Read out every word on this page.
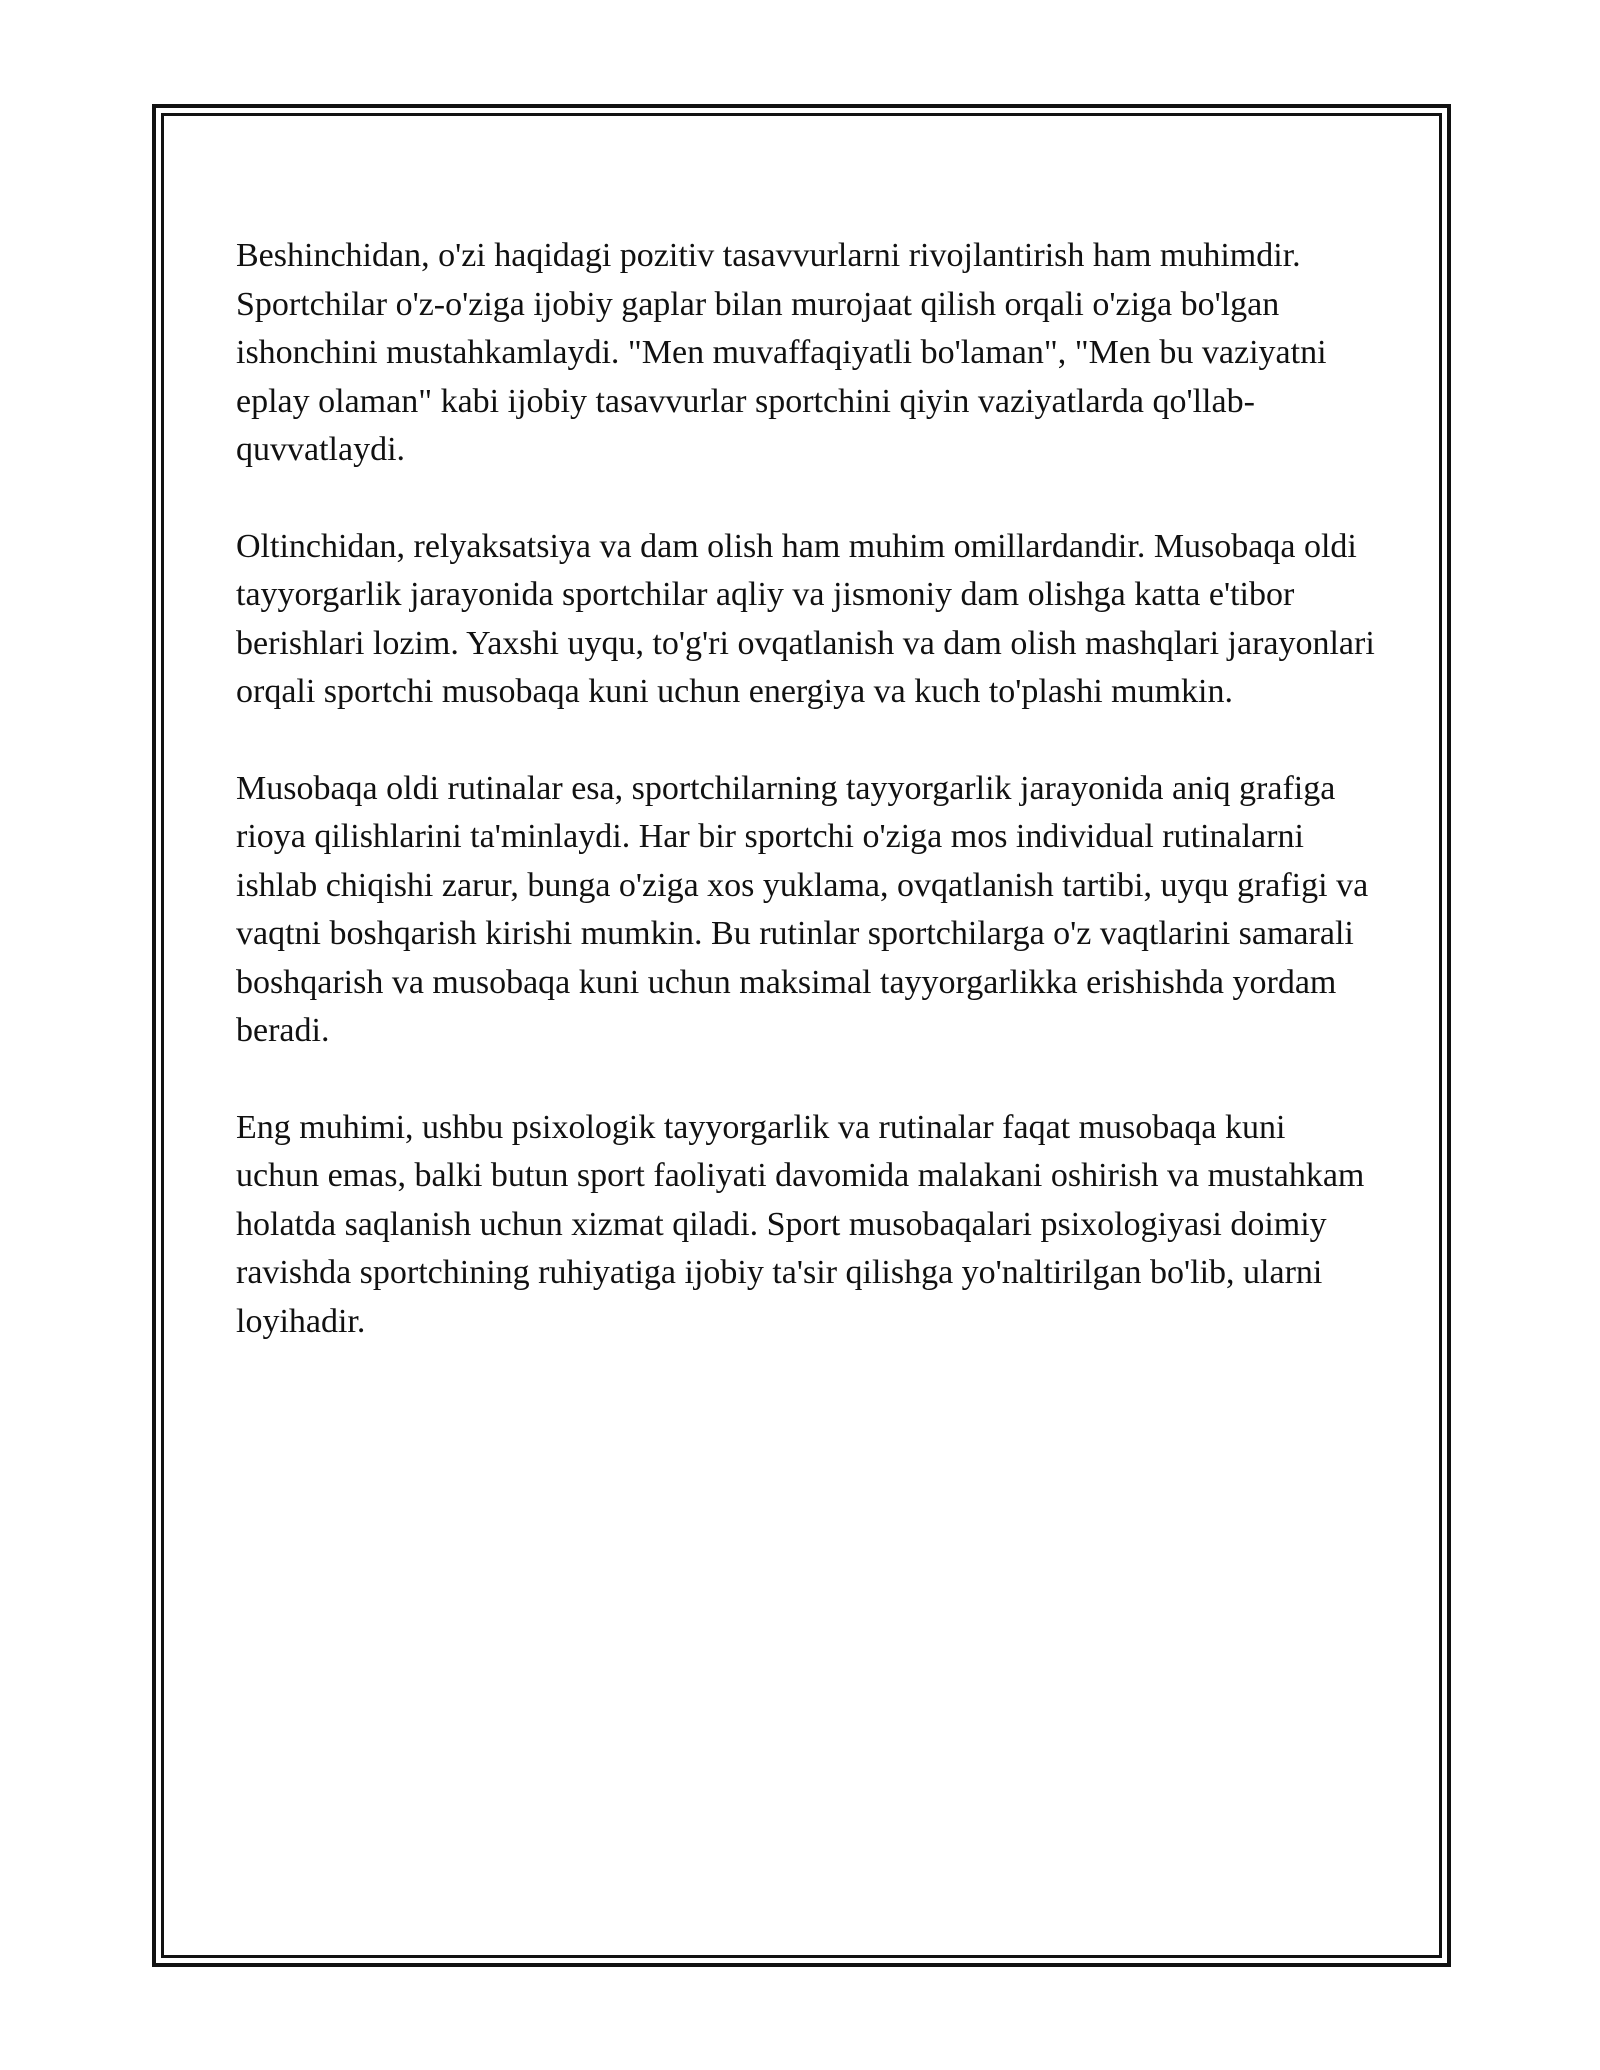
Beshinchidan, o'zi haqidagi pozitiv tasavvurlarni rivojlantirish ham muhimdir. Sportchilar o'z-o'ziga ijobiy gaplar bilan murojaat qilish orqali o'ziga bo'lgan ishonchini mustahkamlaydi. "Men muvaffaqiyatli bo'laman", "Men bu vaziyatni eplay olaman" kabi ijobiy tasavvurlar sportchini qiyin vaziyatlarda qo'llab-quvvatlaydi.

Oltinchidan, relyaksatsiya va dam olish ham muhim omillardandir. Musobaqa oldi tayyorgarlik jarayonida sportchilar aqliy va jismoniy dam olishga katta e'tibor berishlari lozim. Yaxshi uyqu, to'g'ri ovqatlanish va dam olish mashqlari jarayonlari orqali sportchi musobaqa kuni uchun energiya va kuch to'plashi mumkin.

Musobaqa oldi rutinalar esa, sportchilarning tayyorgarlik jarayonida aniq grafiga rioya qilishlarini ta'minlaydi. Har bir sportchi o'ziga mos individual rutinalarni ishlab chiqishi zarur, bunga o'ziga xos yuklama, ovqatlanish tartibi, uyqu grafigi va vaqtni boshqarish kirishi mumkin. Bu rutinlar sportchilarga o'z vaqtlarini samarali boshqarish va musobaqa kuni uchun maksimal tayyorgarlikka erishishda yordam beradi.

Eng muhimi, ushbu psixologik tayyorgarlik va rutinalar faqat musobaqa kuni uchun emas, balki butun sport faoliyati davomida malakani oshirish va mustahkam holatda saqlanish uchun xizmat qiladi. Sport musobaqalari psixologiyasi doimiy ravishda sportchining ruhiyatiga ijobiy ta'sir qilishga yo'naltirilgan bo'lib, ularni loyihadir.
